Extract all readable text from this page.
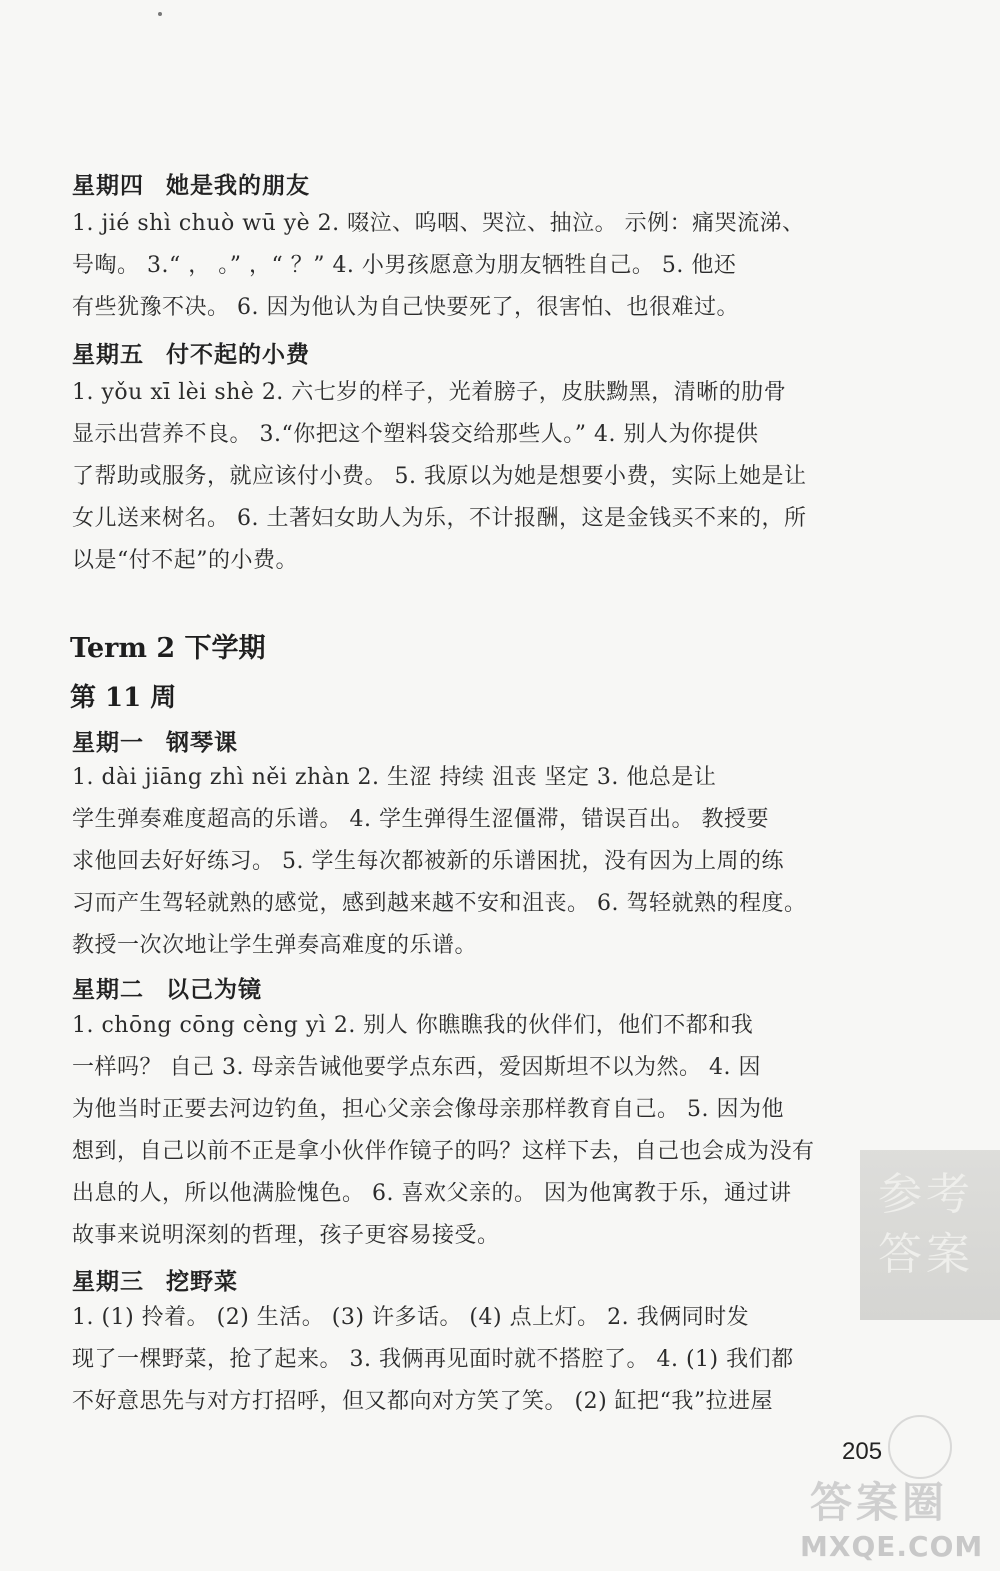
星期四 她是我的朋友
1. jié shì chuò wū yè 2. 啜泣、呜咽、哭泣、抽泣。 示例：痛哭流涕、
号啕。 3.“ ， 。” ，“ ？” 4. 小男孩愿意为朋友牺牲自己。 5. 他还
有些犹豫不决。 6. 因为他认为自己快要死了，很害怕、也很难过。
星期五 付不起的小费
1. yǒu xī lèi shè 2. 六七岁的样子，光着膀子，皮肤黝黑，清晰的肋骨
显示出营养不良。 3.“你把这个塑料袋交给那些人。” 4. 别人为你提供
了帮助或服务，就应该付小费。 5. 我原以为她是想要小费，实际上她是让
女儿送来树名。 6. 土著妇女助人为乐，不计报酬，这是金钱买不来的，所
以是“付不起”的小费。
Term 2 下学期
第 11 周
星期一 钢琴课
1. dài jiāng zhì něi zhàn 2. 生涩 持续 沮丧 坚定 3. 他总是让
学生弹奏难度超高的乐谱。 4. 学生弹得生涩僵滞，错误百出。 教授要
求他回去好好练习。 5. 学生每次都被新的乐谱困扰，没有因为上周的练
习而产生驾轻就熟的感觉，感到越来越不安和沮丧。 6. 驾轻就熟的程度。
教授一次次地让学生弹奏高难度的乐谱。
星期二 以己为镜
1. chōng cōng cèng yì 2. 别人 你瞧瞧我的伙伴们，他们不都和我
一样吗？ 自己 3. 母亲告诫他要学点东西，爱因斯坦不以为然。 4. 因
为他当时正要去河边钓鱼，担心父亲会像母亲那样教育自己。 5. 因为他
想到，自己以前不正是拿小伙伴作镜子的吗？这样下去，自己也会成为没有
出息的人，所以他满脸愧色。 6. 喜欢父亲的。 因为他寓教于乐，通过讲
故事来说明深刻的哲理，孩子更容易接受。
星期三 挖野菜
1. (1) 拎着。 (2) 生活。 (3) 许多话。 (4) 点上灯。 2. 我俩同时发
现了一棵野菜，抢了起来。 3. 我俩再见面时就不搭腔了。 4. (1) 我们都
不好意思先与对方打招呼，但又都向对方笑了笑。 (2) 缸把“我”拉进屋
参考答案
205
答案圈
MXQE.COM
